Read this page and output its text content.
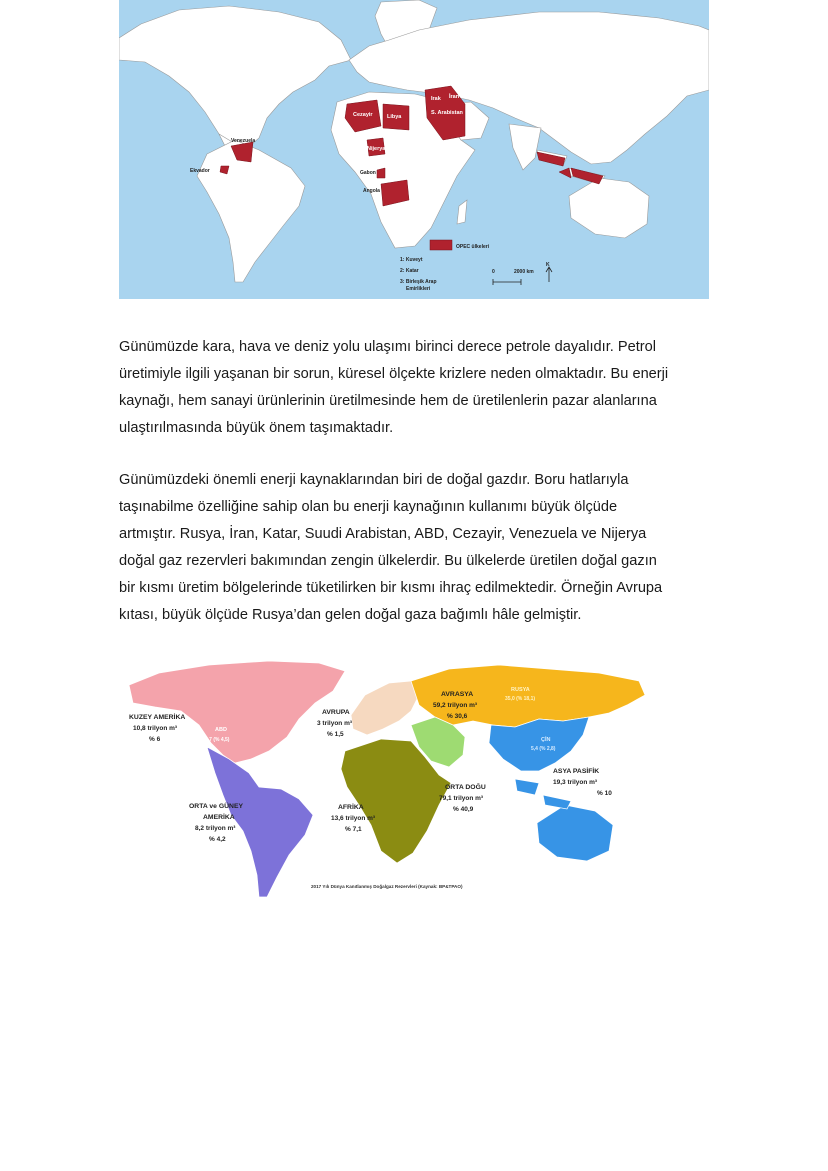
Cezayir	Libya
Irak İran
S. Arabistan
Nijerya
Venezuela
Ekvador	Gabon
Angola
OPEC ülkeleri
1: Kuveyt
2: Katar
3: Birleşik Arap
Emirlikleri
0	2000 km
K

Günümüzde kara, hava ve deniz yolu ulaşımı birinci derece petrole dayalıdır. Petrol
üretimiyle ilgili yaşanan bir sorun, küresel ölçekte krizlere neden olmaktadır. Bu enerji
kaynağı, hem sanayi ürünlerinin üretilmesinde hem de üretilenlerin pazar alanlarına
ulaştırılmasında büyük önem taşımaktadır.

Günümüzdeki önemli enerji kaynaklarından biri de doğal gazdır. Boru hatlarıyla
taşınabilme özelliğine sahip olan bu enerji kaynağının kullanımı büyük ölçüde
artmıştır. Rusya, İran, Katar, Suudi Arabistan, ABD, Cezayir, Venezuela ve Nijerya
doğal gaz rezervleri bakımından zengin ülkelerdir. Bu ülkelerde üretilen doğal gazın
bir kısmı üretim bölgelerinde tüketilirken bir kısmı ihraç edilmektedir. Örneğin Avrupa
kıtası, büyük ölçüde Rusya’dan gelen doğal gaza bağımlı hâle gelmiştir.

KUZEY AMERİKA
10,8 trilyon m³
% 6
ABD
8,7 (% 4,5)
AVRUPA
3 trilyon m³
% 1,5
AVRASYA
59,2 trilyon m³
% 30,6
RUSYA
35,0 (% 18,1)
ÇİN
5,4 (% 2,8)
ORTA DOĞU
79,1 trilyon m³
% 40,9
ASYA PASİFİK
19,3 trilyon m³
% 10
AFRİKA
13,6 trilyon m³
% 7,1
ORTA ve GÜNEY
AMERİKA
8,2 trilyon m³
% 4,2
2017 Yılı Dünya Kanıtlanmış Doğalgaz Rezervleri (Kaynak: BP&TPAO)
